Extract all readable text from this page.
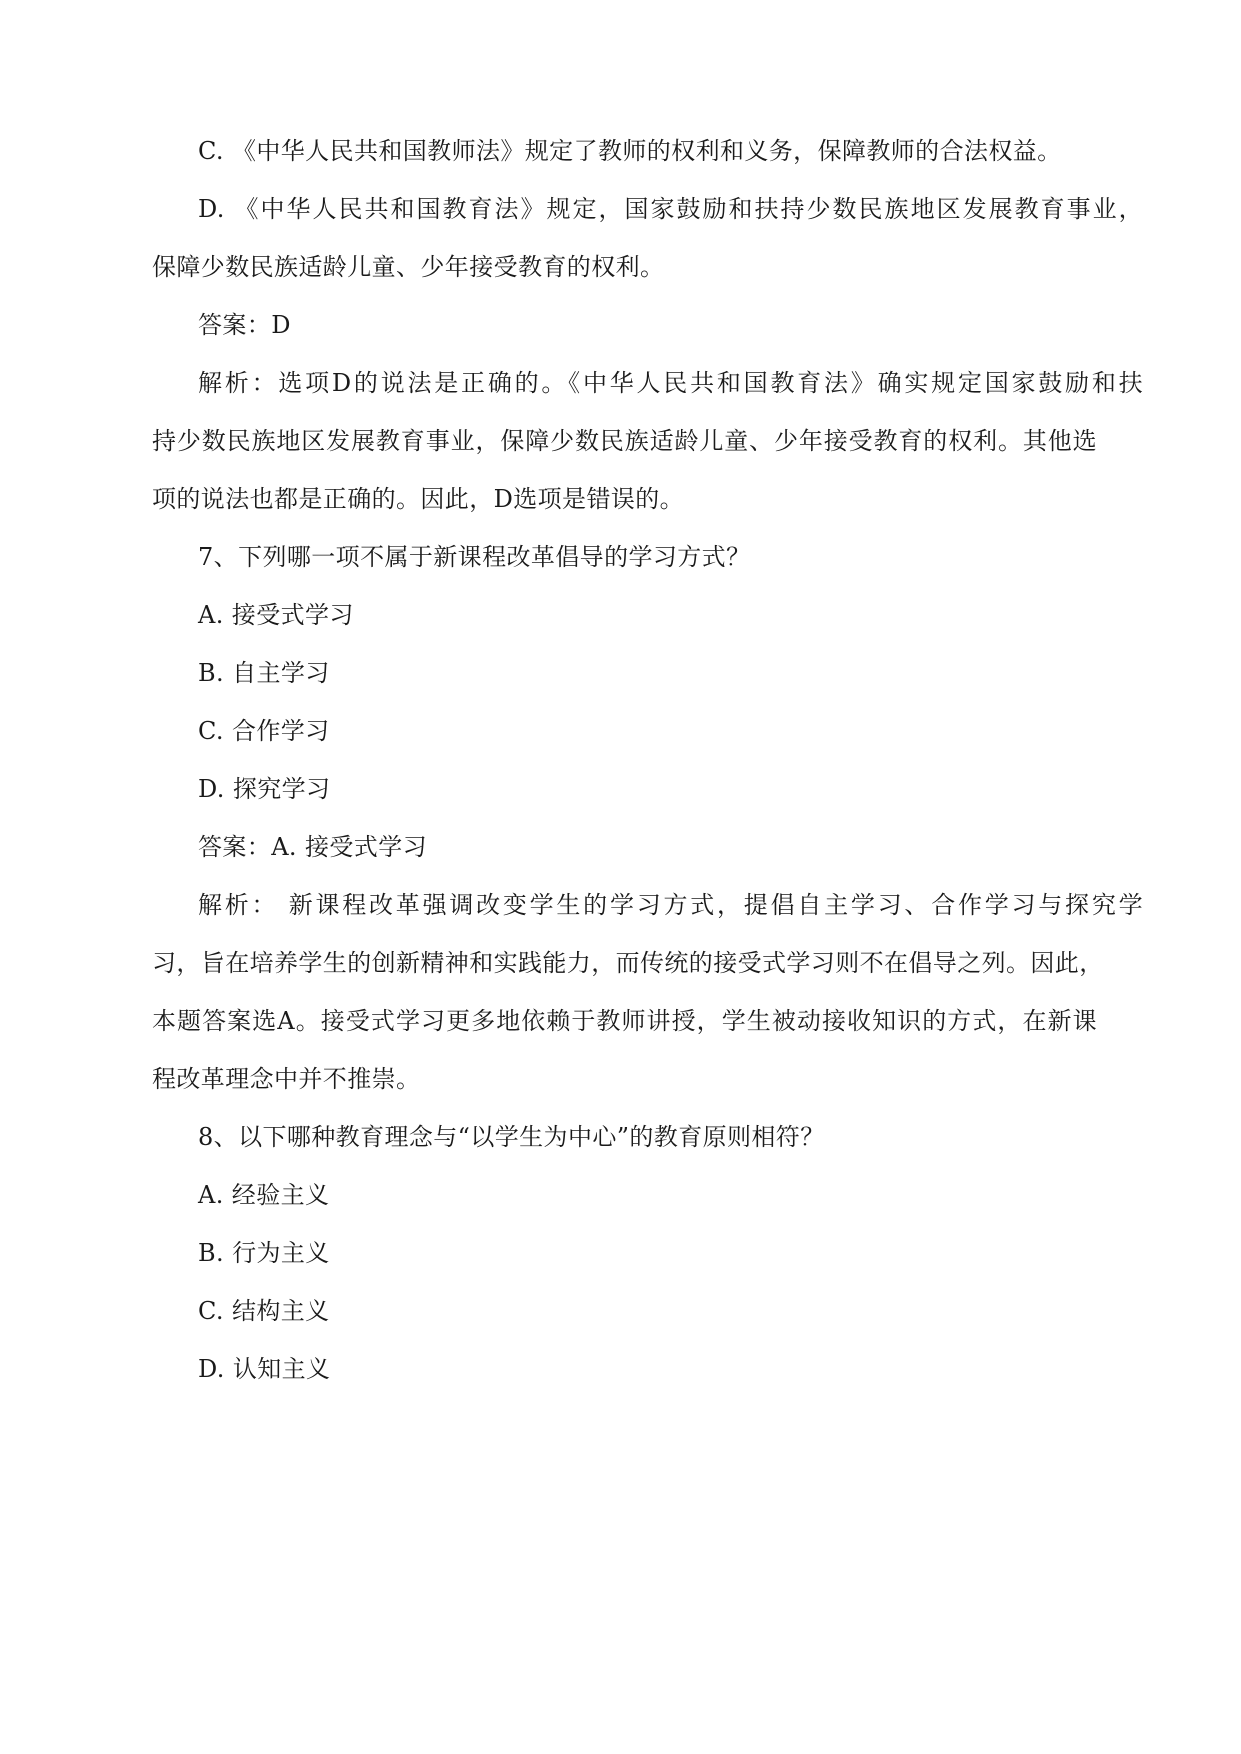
C. 《中华人民共和国教师法》规定了教师的权利和义务，保障教师的合法权益。
D. 《中华人民共和国教育法》规定，国家鼓励和扶持少数民族地区发展教育事业，
保障少数民族适龄儿童、少年接受教育的权利。
答案：D
解析：选项D的说法是正确的。《中华人民共和国教育法》确实规定国家鼓励和扶
持少数民族地区发展教育事业，保障少数民族适龄儿童、少年接受教育的权利。其他选
项的说法也都是正确的。因此，D选项是错误的。
7、下列哪一项不属于新课程改革倡导的学习方式？
A. 接受式学习
B. 自主学习
C. 合作学习
D. 探究学习
答案：A. 接受式学习
解析： 新课程改革强调改变学生的学习方式，提倡自主学习、合作学习与探究学
习，旨在培养学生的创新精神和实践能力，而传统的接受式学习则不在倡导之列。因此，
本题答案选A。接受式学习更多地依赖于教师讲授，学生被动接收知识的方式，在新课
程改革理念中并不推崇。
8、以下哪种教育理念与“以学生为中心”的教育原则相符？
A. 经验主义
B. 行为主义
C. 结构主义
D. 认知主义
